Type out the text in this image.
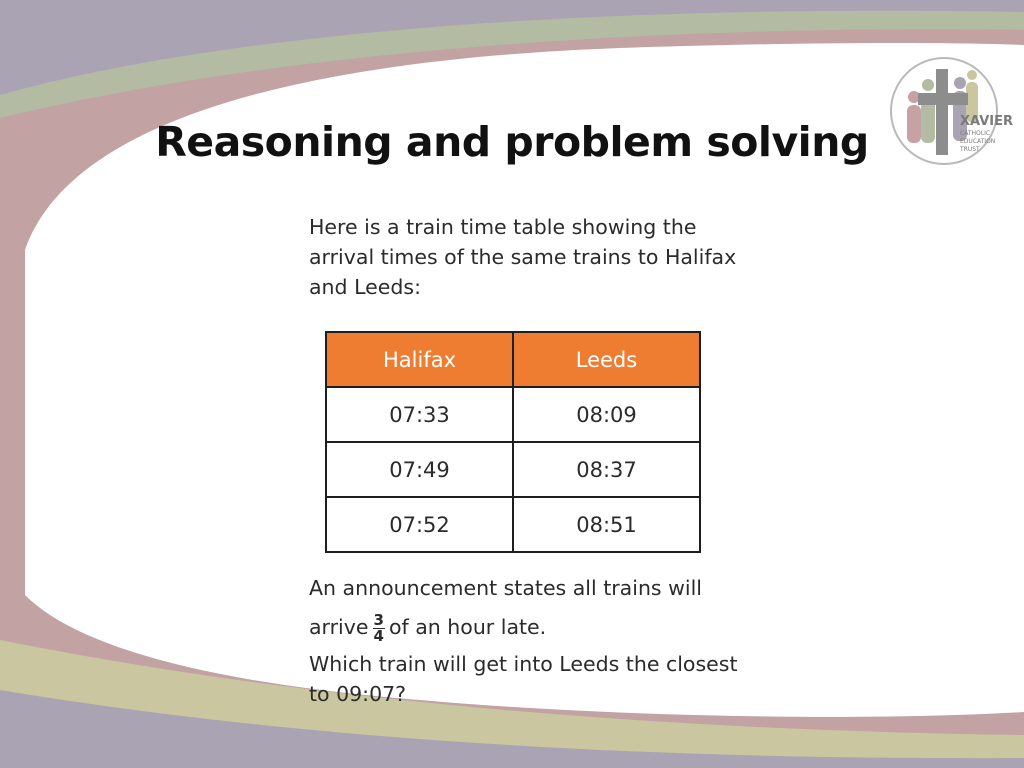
XAVIER
CATHOLIC
EDUCATION
TRUST
Reasoning and problem solving
Here is a train time table showing the
arrival times of the same trains to Halifax
and Leeds:
Halifax	Leeds
07:33	08:09
07:49	08:37
07:52	08:51
An announcement states all trains will
arrive $\frac{3}{4}$ of an hour late.
Which train will get into Leeds the closest
to 09:07?
